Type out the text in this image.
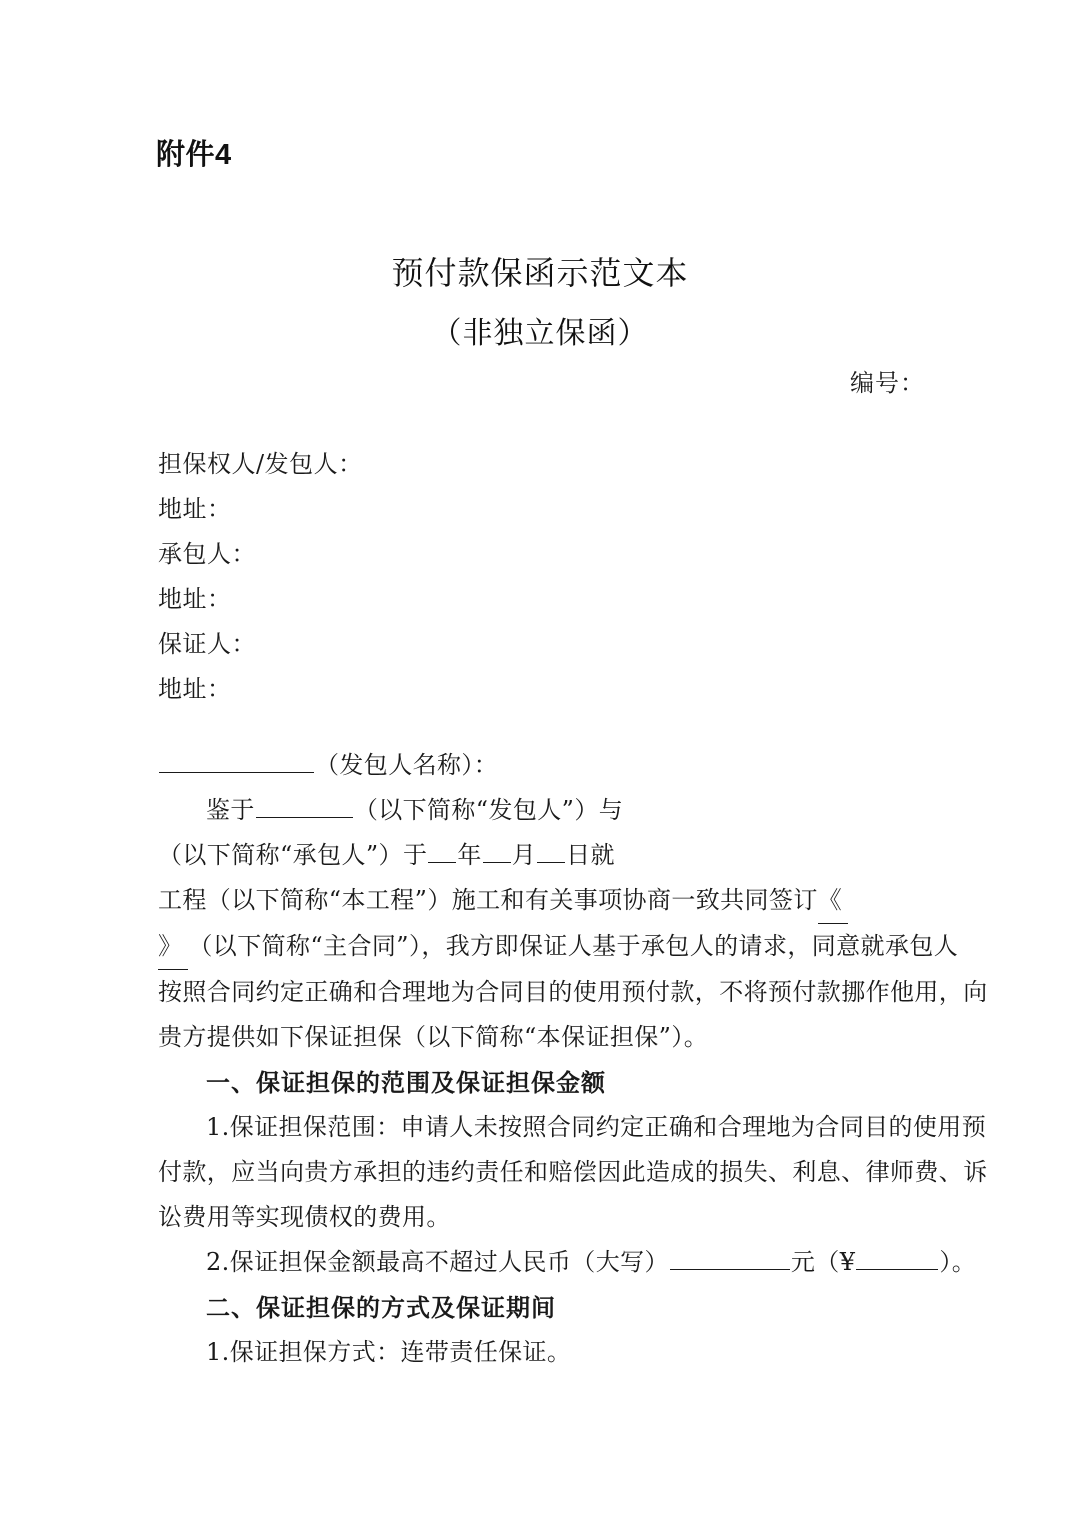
附件4
预付款保函示范文本
（非独立保函）
编号：
担保权人/发包人：
地址：
承包人：
地址：
保证人：
地址：
（发包人名称）：
鉴于	（以下简称“发包人”）与
（以下简称“承包人”）于 年 月 日就
工程（以下简称“本工程”）施工和有关事项协商一致共同签订《
》 （以下简称“主合同”），我方即保证人基于承包人的请求，同意就承包人
按照合同约定正确和合理地为合同目的使用预付款，不将预付款挪作他用，向
贵方提供如下保证担保（以下简称“本保证担保”）。
一、保证担保的范围及保证担保金额
1.保证担保范围：申请人未按照合同约定正确和合理地为合同目的使用预
付款，应当向贵方承担的违约责任和赔偿因此造成的损失、利息、律师费、诉
讼费用等实现债权的费用。
2.保证担保金额最高不超过人民币（大写）	元（¥	）。
二、保证担保的方式及保证期间
1.保证担保方式：连带责任保证。
